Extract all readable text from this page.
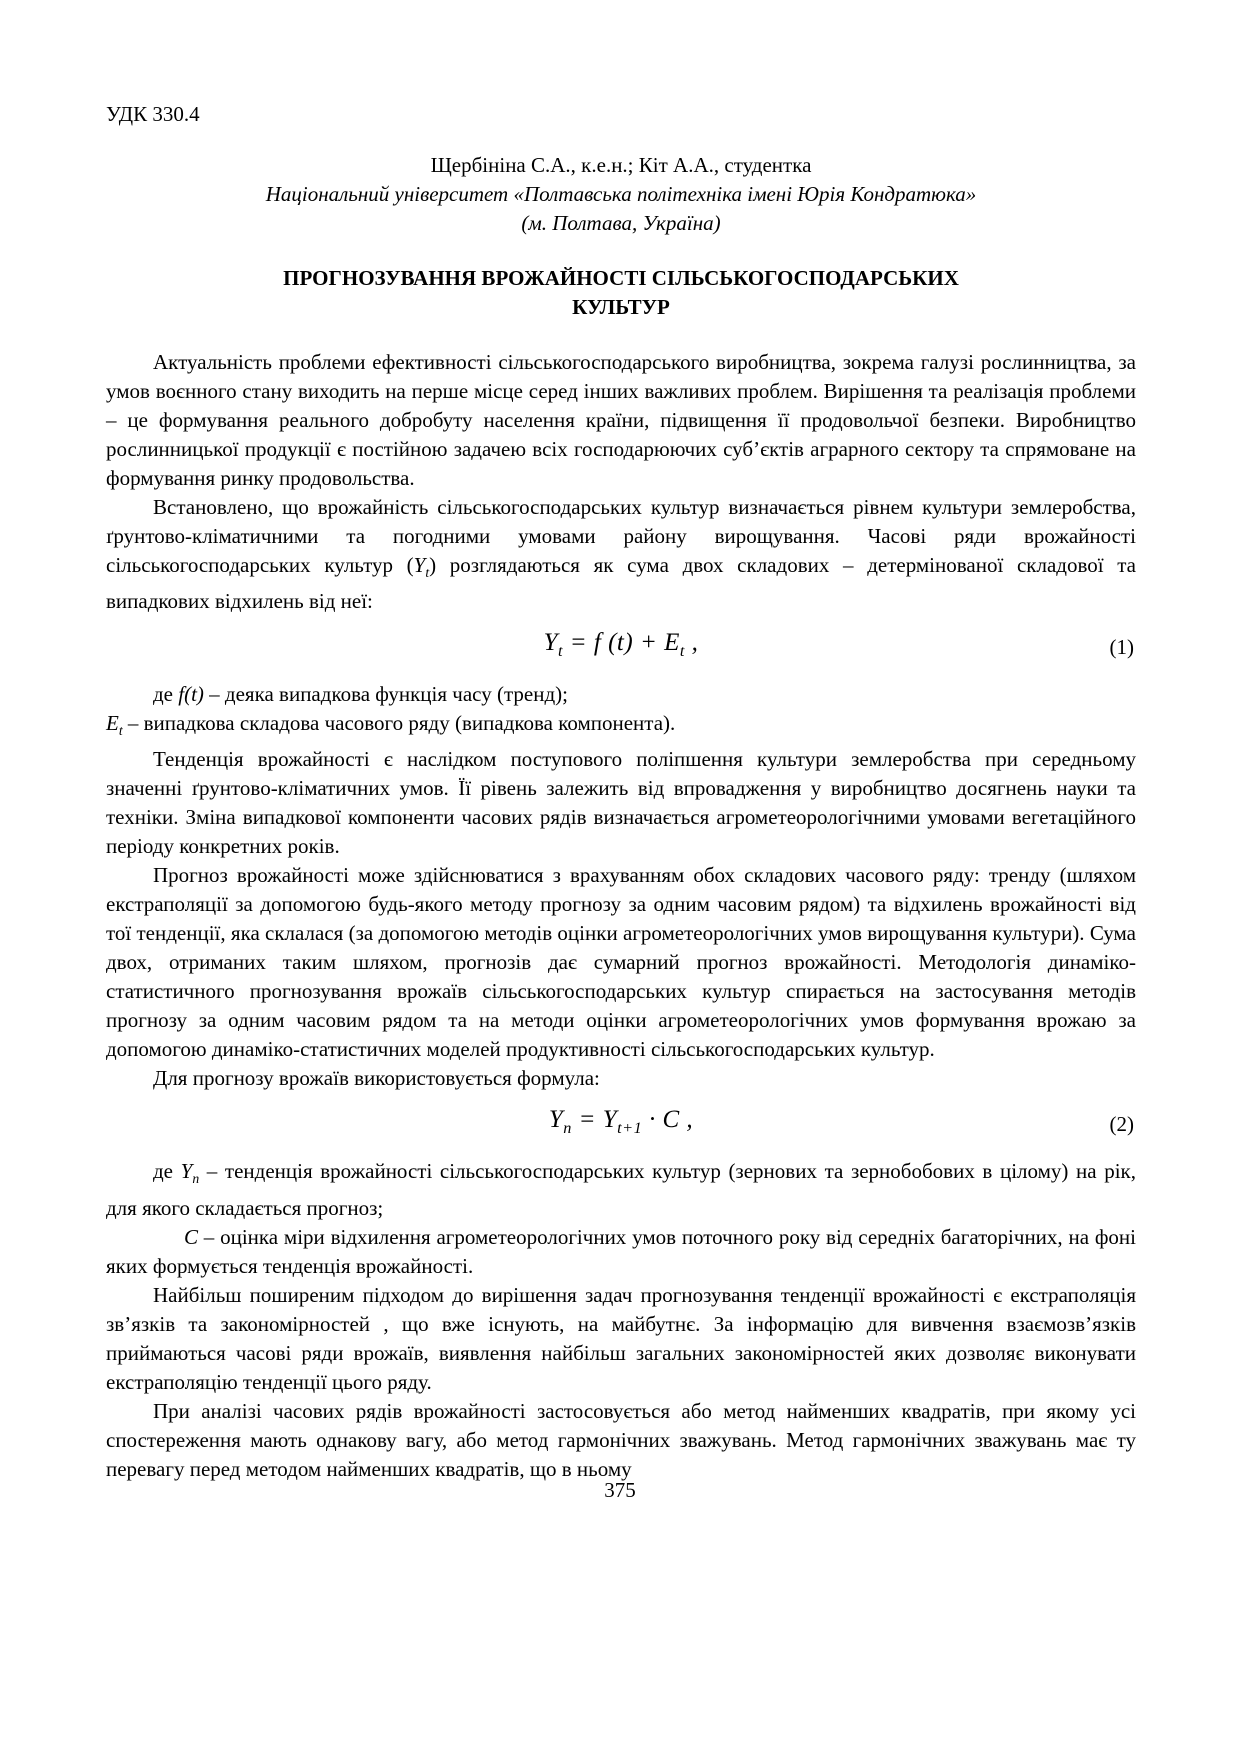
УДК 330.4
Щербініна С.А., к.е.н.; Кіт А.А., студентка
Національний університет «Полтавська політехніка імені Юрія Кондратюка»
(м. Полтава, Україна)
ПРОГНОЗУВАННЯ ВРОЖАЙНОСТІ СІЛЬСЬКОГОСПОДАРСЬКИХ
КУЛЬТУР

Актуальність проблеми ефективності сільськогосподарського виробництва, зокрема галузі рослинництва, за умов воєнного стану виходить на перше місце серед інших важливих проблем. Вирішення та реалізація проблеми – це формування реального добробуту населення країни, підвищення її продовольчої безпеки. Виробництво рослинницької продукції є постійною задачею всіх господарюючих суб’єктів аграрного сектору та спрямоване на формування ринку продовольства.

Встановлено, що врожайність сільськогосподарських культур визначається рівнем культури землеробства, ґрунтово-кліматичними та погодними умовами району вирощування. Часові ряди врожайності сільськогосподарських культур $(Y_t)$ розглядаються як сума двох складових – детермінованої складової та випадкових відхилень від неї:

$Y_t = f$ $(t) + E_t$ ,	(1)

де f(t) – деяка випадкова функція часу (тренд);

$E_t$ – випадкова складова часового ряду (випадкова компонента).

Тенденція врожайності є наслідком поступового поліпшення культури землеробства при середньому значенні ґрунтово-кліматичних умов. Її рівень залежить від впровадження у виробництво досягнень науки та техніки. Зміна випадкової компоненти часових рядів визначається агрометеорологічними умовами вегетаційного періоду конкретних років.

Прогноз врожайності може здійснюватися з врахуванням обох складових часового ряду: тренду (шляхом екстраполяції за допомогою будь-якого методу прогнозу за одним часовим рядом) та відхилень врожайності від тої тенденції, яка склалася (за допомогою методів оцінки агрометеорологічних умов вирощування культури). Сума двох, отриманих таким шляхом, прогнозів дає сумарний прогноз врожайності. Методологія динаміко-статистичного прогнозування врожаїв сільськогосподарських культур спирається на застосування методів прогнозу за одним часовим рядом та на методи оцінки агрометеорологічних умов формування врожаю за допомогою динаміко-статистичних моделей продуктивності сільськогосподарських культур.

Для прогнозу врожаїв використовується формула:

$Y_n = Y_{t+1} \cdot C$ ,	(2)

де $Y_n$ – тенденція врожайності сільськогосподарських культур (зернових та зернобобових в цілому) на рік, для якого складається прогноз;

С – оцінка міри відхилення агрометеорологічних умов поточного року від середніх багаторічних, на фоні яких формується тенденція врожайності.

Найбільш поширеним підходом до вирішення задач прогнозування тенденції врожайності є екстраполяція зв’язків та закономірностей , що вже існують, на майбутнє. За інформацію для вивчення взаємозв’язків приймаються часові ряди врожаїв, виявлення найбільш загальних закономірностей яких дозволяє виконувати екстраполяцію тенденції цього ряду.

При аналізі часових рядів врожайності застосовується або метод найменших квадратів, при якому усі спостереження мають однакову вагу, або метод гармонічних зважувань. Метод гармонічних зважувань має ту перевагу перед методом найменших квадратів, що в ньому

375
